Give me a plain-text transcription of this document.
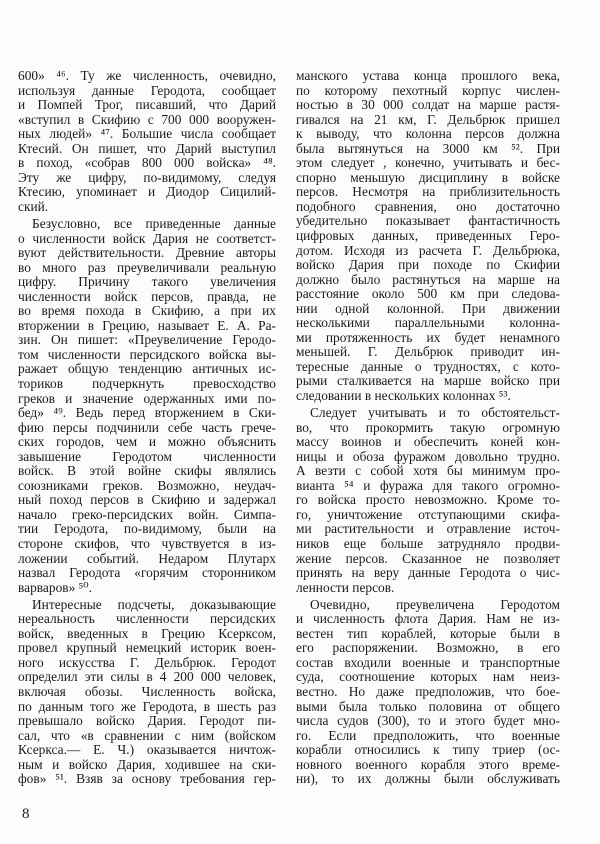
600» ⁴⁶. Ту же численность, очевидно,
используя данные Геродота, сообщает
и Помпей Трог, писавший, что Дарий
«вступил в Скифию с 700 000 вооружен-
ных людей» ⁴⁷. Большие числа сообщает
Ктесий. Он пишет, что Дарий выступил
в поход, «собрав 800 000 войска» ⁴⁸.
Эту же цифру, по-видимому, следуя
Ктесию, упоминает и Диодор Сицилий-
ский.
Безусловно, все приведенные данные
о численности войск Дария не соответст-
вуют действительности. Древние авторы
во много раз преувеличивали реальную
цифру. Причину такого увеличения
численности войск персов, правда, не
во время похода в Скифию, а при их
вторжении в Грецию, называет Е. А. Ра-
зин. Он пишет: «Преувеличение Геродо-
том численности персидского войска вы-
ражает общую тенденцию античных ис-
ториков подчеркнуть превосходство
греков и значение одержанных ими по-
бед» ⁴⁹. Ведь перед вторжением в Ски-
фию персы подчинили себе часть грече-
ских городов, чем и можно объяснить
завышение Геродотом численности
войск. В этой войне скифы являлись
союзниками греков. Возможно, неудач-
ный поход персов в Скифию и задержал
начало греко-персидских войн. Симпа-
тии Геродота, по-видимому, были на
стороне скифов, что чувствуется в из-
ложении событий. Недаром Плутарх
назвал Геродота «горячим сторонником
варваров» ⁵⁰.
Интересные подсчеты, доказывающие
нереальность численности персидских
войск, введенных в Грецию Ксерксом,
провел крупный немецкий историк воен-
ного искусства Г. Дельбрюк. Геродот
определил эти силы в 4 200 000 человек,
включая обозы. Численность войска,
по данным того же Геродота, в шесть раз
превышало войско Дария. Геродот пи-
сал, что «в сравнении с ним (войском
Ксеркса.— Е. Ч.) оказывается ничтож-
ным и войско Дария, ходившее на ски-
фов» ⁵¹. Взяв за основу требования гер-
манского устава конца прошлого века,
по которому пехотный корпус числен-
ностью в 30 000 солдат на марше растя-
гивался на 21 км, Г. Дельбрюк пришел
к выводу, что колонна персов должна
была вытянуться на 3000 км ⁵². При
этом следует , конечно, учитывать и бес-
спорно меньшую дисциплину в войске
персов. Несмотря на приблизительность
подобного сравнения, оно достаточно
убедительно показывает фантастичность
цифровых данных, приведенных Геро-
дотом. Исходя из расчета Г. Дельбрюка,
войско Дария при походе по Скифии
должно было растянуться на марше на
расстояние около 500 км при следова-
нии одной колонной. При движении
несколькими параллельными колонна-
ми протяженность их будет ненамного
меньшей. Г. Дельбрюк приводит ин-
тересные данные о трудностях, с кото-
рыми сталкивается на марше войско при
следовании в нескольких колоннах ⁵³.
Следует учитывать и то обстоятельст-
во, что прокормить такую огромную
массу воинов и обеспечить коней кон-
ницы и обоза фуражом довольно трудно.
А везти с собой хотя бы минимум про-
вианта ⁵⁴ и фуража для такого огромно-
го войска просто невозможно. Кроме то-
го, уничтожение отступающими скифа-
ми растительности и отравление источ-
ников еще больше затрудняло продви-
жение персов. Сказанное не позволяет
принять на веру данные Геродота о чис-
ленности персов.
Очевидно, преувеличена Геродотом
и численность флота Дария. Нам не из-
вестен тип кораблей, которые были в
его распоряжении. Возможно, в его
состав входили военные и транспортные
суда, соотношение которых нам неиз-
вестно. Но даже предположив, что бое-
выми была только половина от общего
числа судов (300), то и этого будет мно-
го. Если предположить, что военные
корабли относились к типу триер (ос-
новного военного корабля этого време-
ни), то их должны были обслуживать
8
